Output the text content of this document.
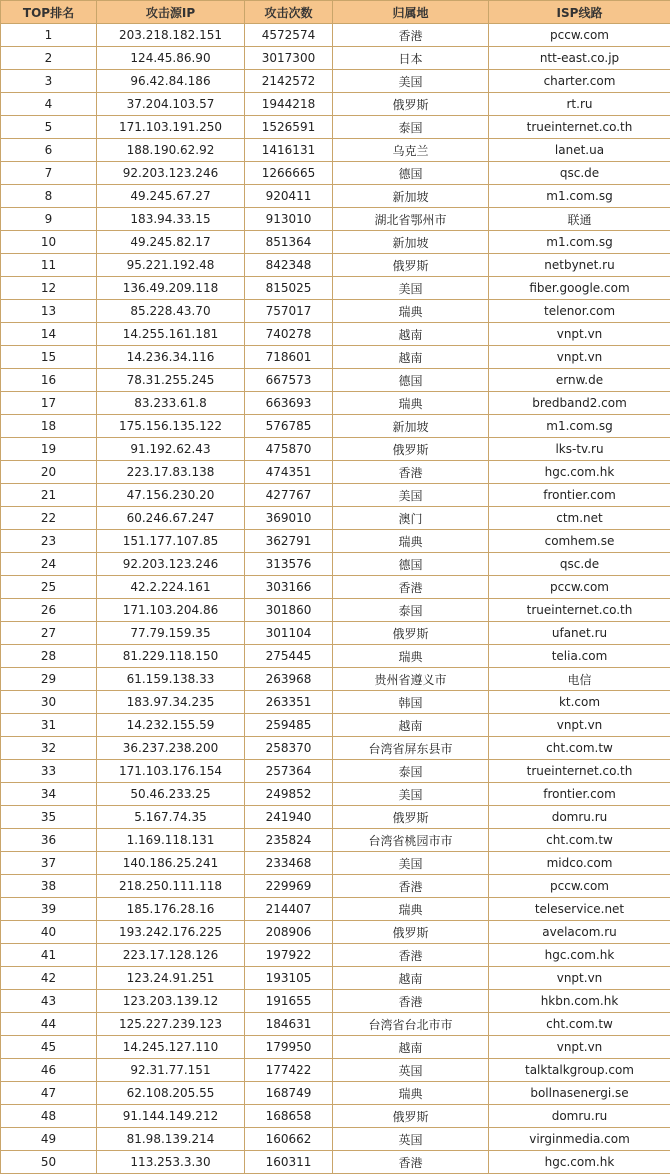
TOP排名	攻击源IP	攻击次数	归属地	ISP线路
1	203.218.182.151	4572574	香港	pccw.com
2	124.45.86.90	3017300	日本	ntt-east.co.jp
3	96.42.84.186	2142572	美国	charter.com
4	37.204.103.57	1944218	俄罗斯	rt.ru
5	171.103.191.250	1526591	泰国	trueinternet.co.th
6	188.190.62.92	1416131	乌克兰	lanet.ua
7	92.203.123.246	1266665	德国	qsc.de
8	49.245.67.27	920411	新加坡	m1.com.sg
9	183.94.33.15	913010	湖北省鄂州市	联通
10	49.245.82.17	851364	新加坡	m1.com.sg
11	95.221.192.48	842348	俄罗斯	netbynet.ru
12	136.49.209.118	815025	美国	fiber.google.com
13	85.228.43.70	757017	瑞典	telenor.com
14	14.255.161.181	740278	越南	vnpt.vn
15	14.236.34.116	718601	越南	vnpt.vn
16	78.31.255.245	667573	德国	ernw.de
17	83.233.61.8	663693	瑞典	bredband2.com
18	175.156.135.122	576785	新加坡	m1.com.sg
19	91.192.62.43	475870	俄罗斯	lks-tv.ru
20	223.17.83.138	474351	香港	hgc.com.hk
21	47.156.230.20	427767	美国	frontier.com
22	60.246.67.247	369010	澳门	ctm.net
23	151.177.107.85	362791	瑞典	comhem.se
24	92.203.123.246	313576	德国	qsc.de
25	42.2.224.161	303166	香港	pccw.com
26	171.103.204.86	301860	泰国	trueinternet.co.th
27	77.79.159.35	301104	俄罗斯	ufanet.ru
28	81.229.118.150	275445	瑞典	telia.com
29	61.159.138.33	263968	贵州省遵义市	电信
30	183.97.34.235	263351	韩国	kt.com
31	14.232.155.59	259485	越南	vnpt.vn
32	36.237.238.200	258370	台湾省屏东县市	cht.com.tw
33	171.103.176.154	257364	泰国	trueinternet.co.th
34	50.46.233.25	249852	美国	frontier.com
35	5.167.74.35	241940	俄罗斯	domru.ru
36	1.169.118.131	235824	台湾省桃园市市	cht.com.tw
37	140.186.25.241	233468	美国	midco.com
38	218.250.111.118	229969	香港	pccw.com
39	185.176.28.16	214407	瑞典	teleservice.net
40	193.242.176.225	208906	俄罗斯	avelacom.ru
41	223.17.128.126	197922	香港	hgc.com.hk
42	123.24.91.251	193105	越南	vnpt.vn
43	123.203.139.12	191655	香港	hkbn.com.hk
44	125.227.239.123	184631	台湾省台北市市	cht.com.tw
45	14.245.127.110	179950	越南	vnpt.vn
46	92.31.77.151	177422	英国	talktalkgroup.com
47	62.108.205.55	168749	瑞典	bollnasenergi.se
48	91.144.149.212	168658	俄罗斯	domru.ru
49	81.98.139.214	160662	英国	virginmedia.com
50	113.253.3.30	160311	香港	hgc.com.hk
